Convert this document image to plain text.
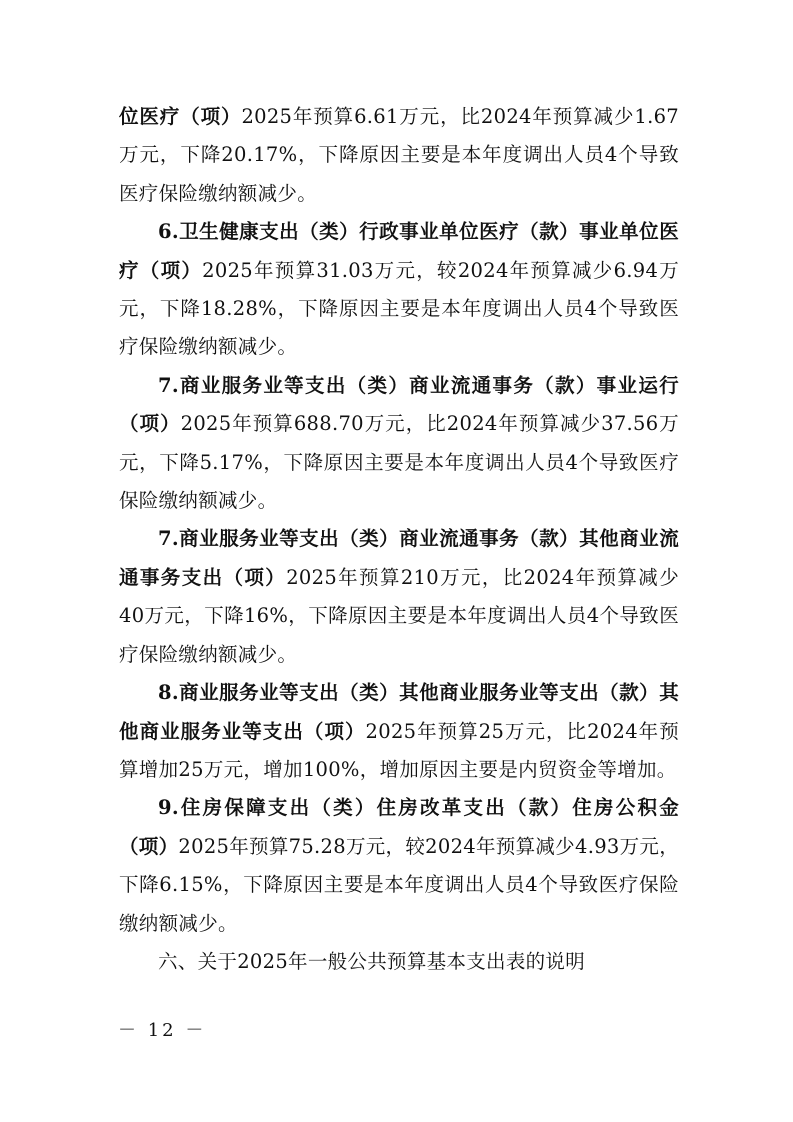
位医疗（项）2025年预算6.61万元，比2024年预算减少1.67万元，下降20.17%，下降原因主要是本年度调出人员4个导致医疗保险缴纳额减少。

6.卫生健康支出（类）行政事业单位医疗（款）事业单位医疗（项）2025年预算31.03万元，较2024年预算减少6.94万元，下降18.28%，下降原因主要是本年度调出人员4个导致医疗保险缴纳额减少。

7.商业服务业等支出（类）商业流通事务（款）事业运行（项）2025年预算688.70万元，比2024年预算减少37.56万元，下降5.17%，下降原因主要是本年度调出人员4个导致医疗保险缴纳额减少。

7.商业服务业等支出（类）商业流通事务（款）其他商业流通事务支出（项）2025年预算210万元，比2024年预算减少40万元，下降16%，下降原因主要是本年度调出人员4个导致医疗保险缴纳额减少。

8.商业服务业等支出（类）其他商业服务业等支出（款）其他商业服务业等支出（项）2025年预算25万元，比2024年预算增加25万元，增加100%，增加原因主要是内贸资金等增加。

9.住房保障支出（类）住房改革支出（款）住房公积金（项）2025年预算75.28万元，较2024年预算减少4.93万元，下降6.15%，下降原因主要是本年度调出人员4个导致医疗保险缴纳额减少。

六、关于2025年一般公共预算基本支出表的说明

－ 12 －
